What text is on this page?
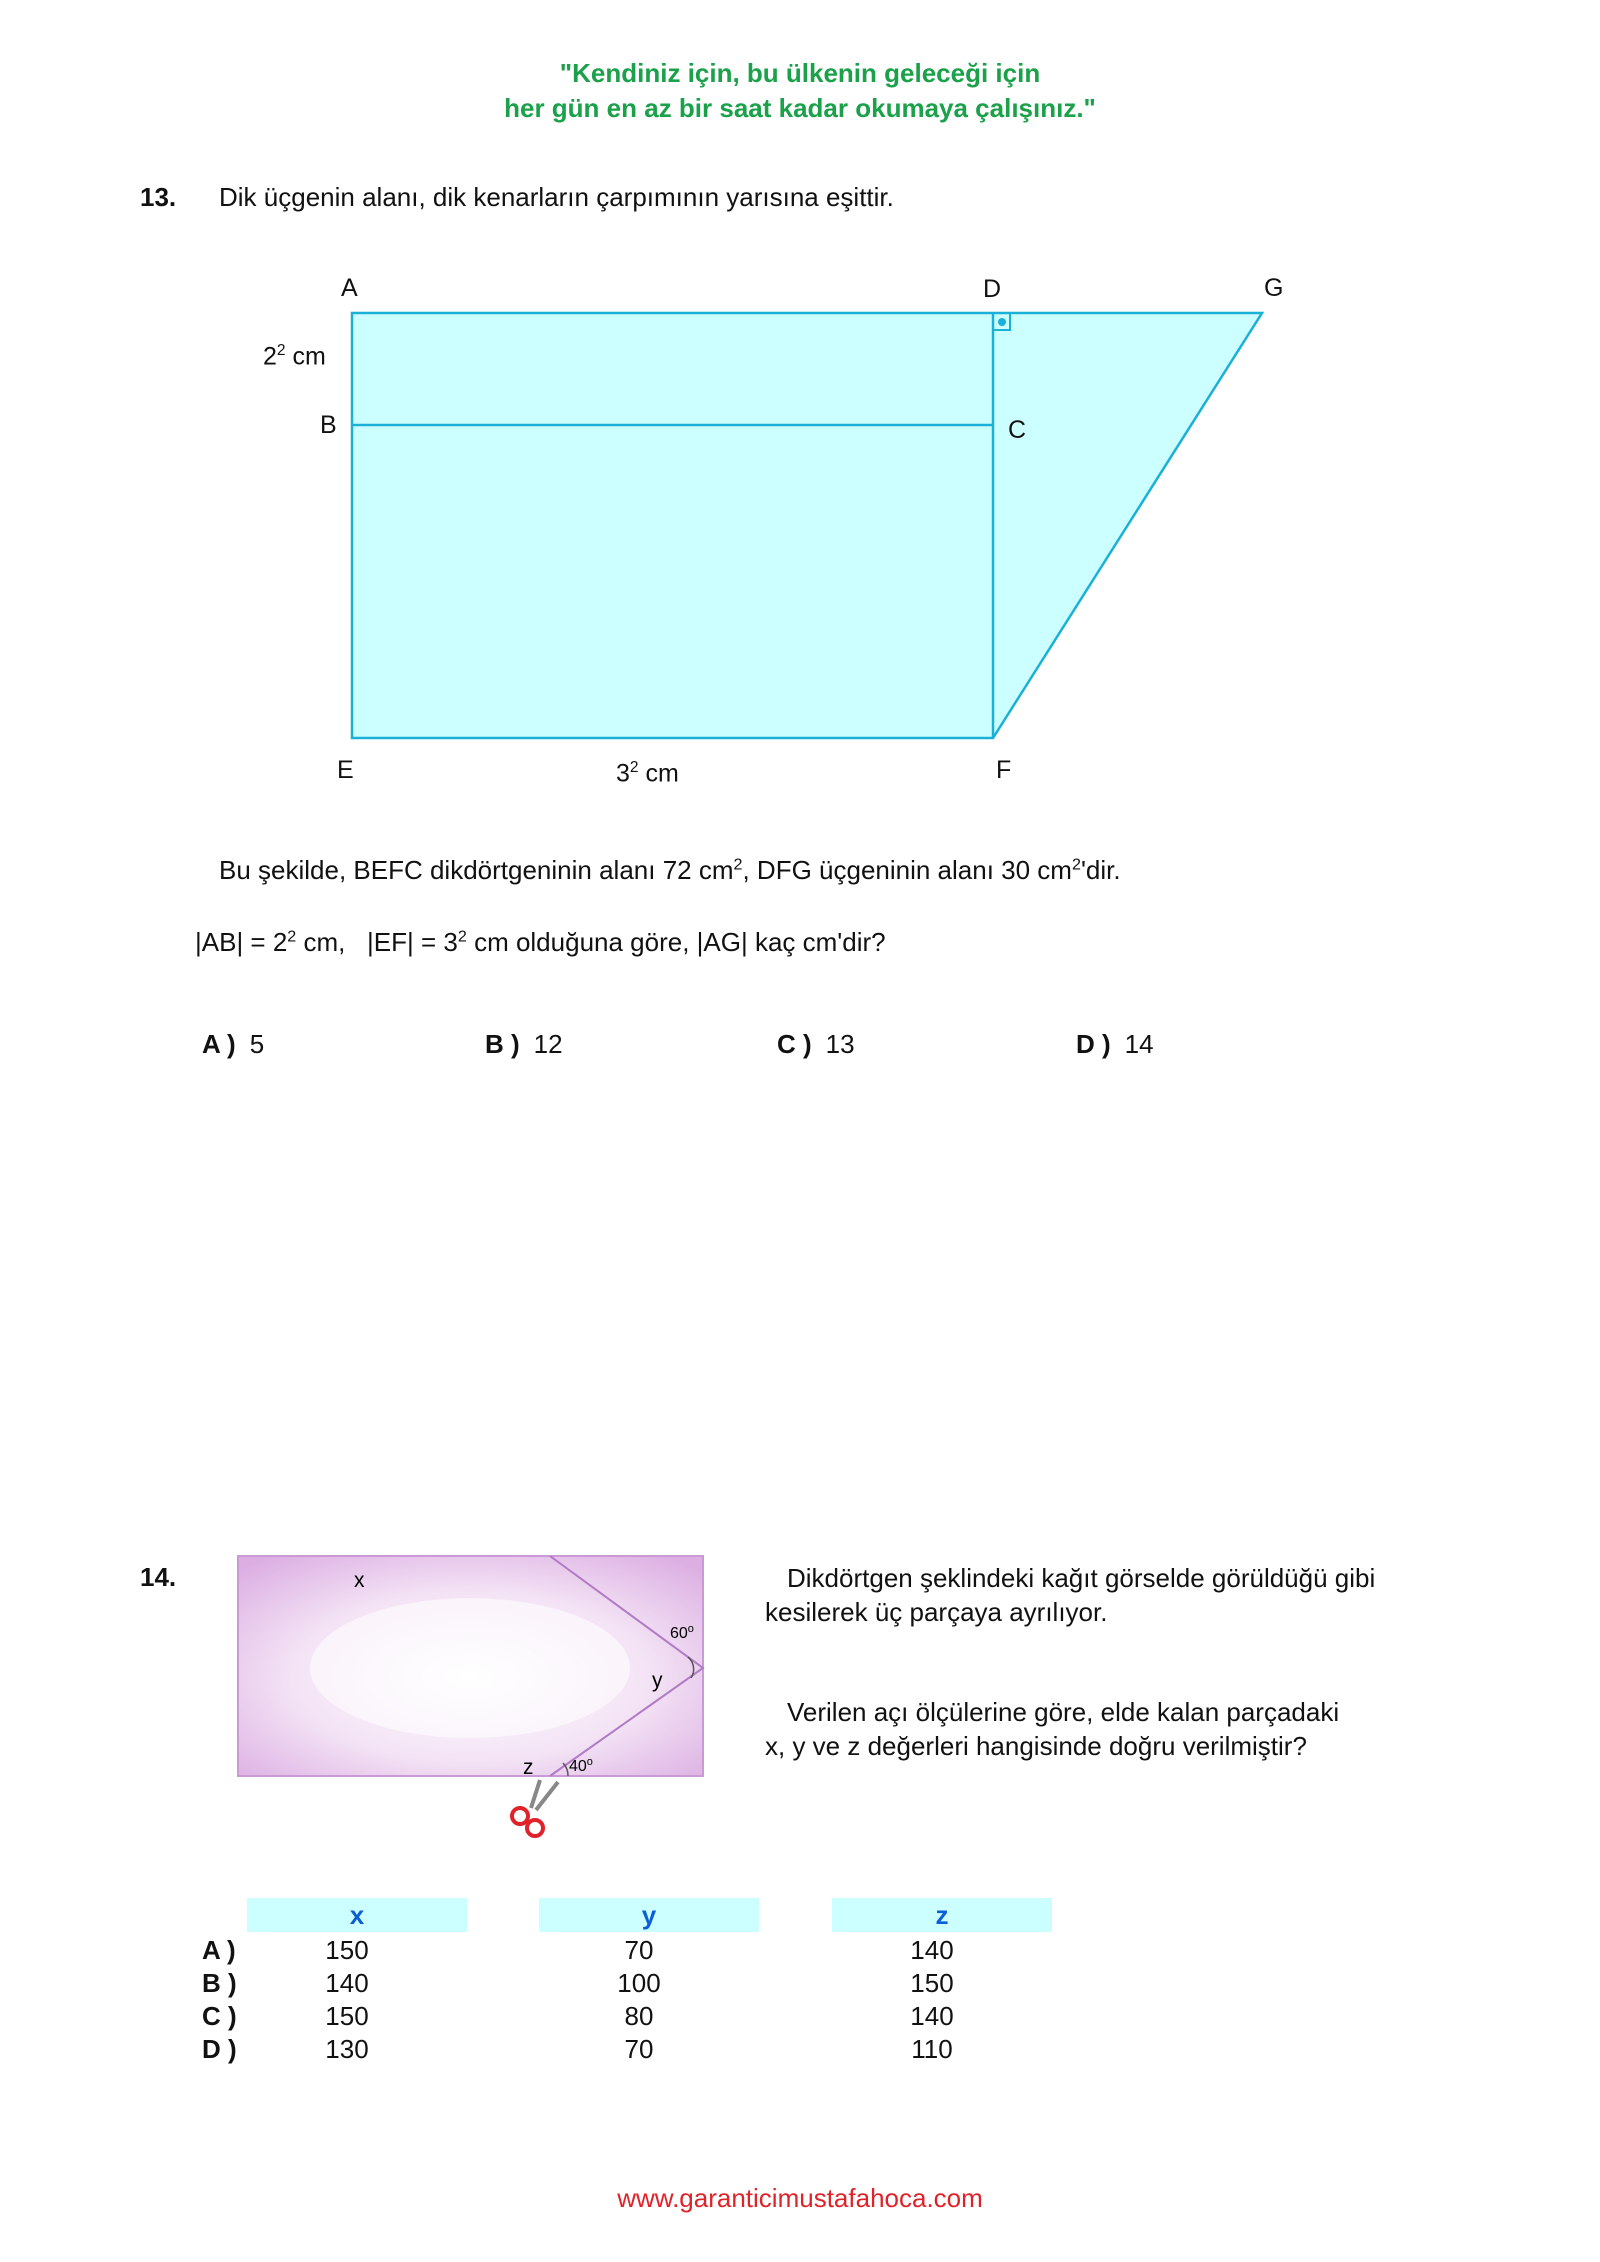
"Kendiniz için, bu ülkenin geleceği için
her gün en az bir saat kadar okumaya çalışınız."
13. Dik üçgenin alanı, dik kenarların çarpımının yarısına eşittir.
A	D	G
$2^2$ cm
B	C
E	$3^2$ cm	F
Bu şekilde, BEFC dikdörtgeninin alanı 72 $cm^2$, DFG üçgeninin alanı 30 $cm^2'dir$.
$|AB| = 2^2$ cm,   $|EF| = 3^2$ cm olduğuna göre, |AG| kaç cm'dir?
A ) 5	B ) 12	C ) 13	D ) 14
14.	x
y
z
60$^o$
40$^o$
Dikdörtgen şeklindeki kağıt görselde görüldüğü gibi
kesilerek üç parçaya ayrılıyor.
Verilen açı ölçülerine göre, elde kalan parçadaki
x, y ve z değerleri hangisinde doğru verilmiştir?
x	y	z
A )	150	70	140
B )	140	100	150
C )	150	80	140
D )	130	70	110
www.garanticimustafahoca.com
